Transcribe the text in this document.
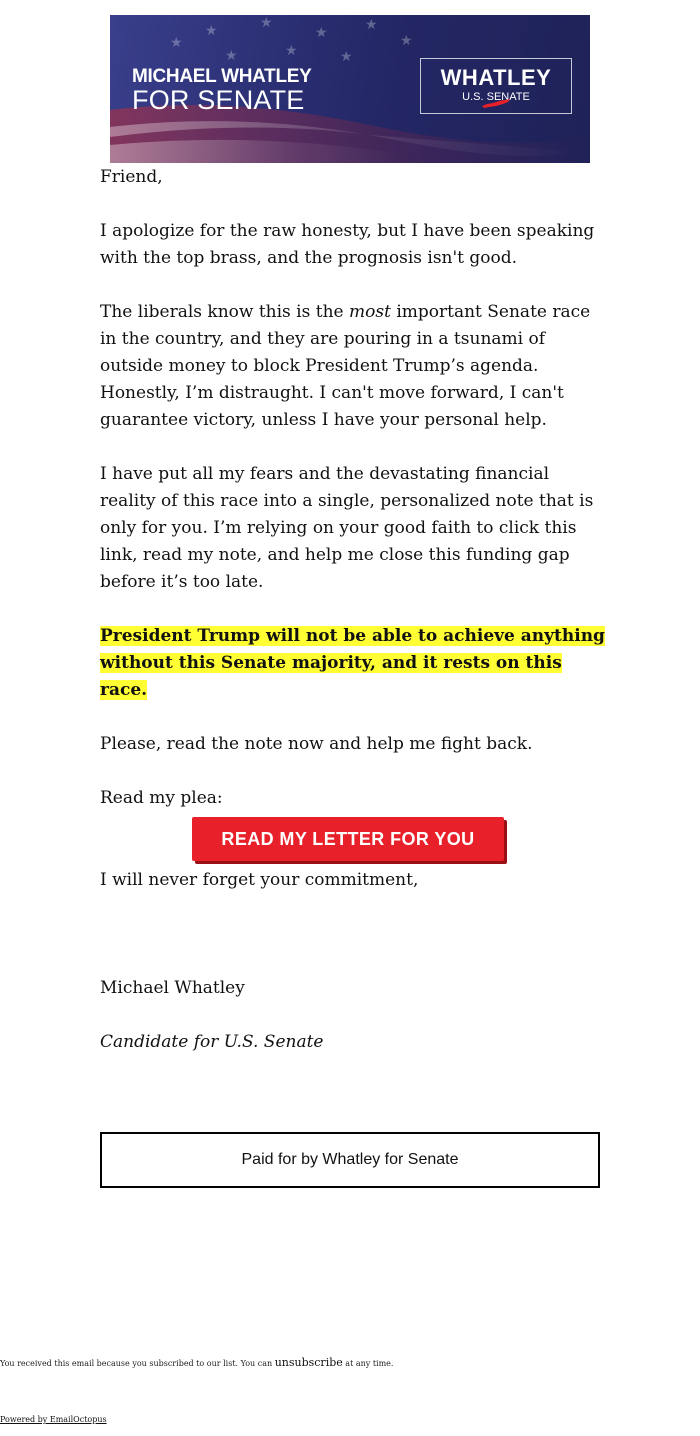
★	★
★	★
★	★	★
★	★
MICHAEL WHATLEY
FOR SENATE
WHATLEY
U.S. SENATE

Friend,

I apologize for the raw honesty, but I have been speaking with the top brass, and the prognosis isn't good.

The liberals know this is the most important Senate race in the country, and they are pouring in a tsunami of outside money to block President Trump’s agenda. Honestly, I’m distraught. I can't move forward, I can't guarantee victory, unless I have your personal help.

I have put all my fears and the devastating financial reality of this race into a single, personalized note that is only for you. I’m relying on your good faith to click this link, read my note, and help me close this funding gap before it’s too late.

President Trump will not be able to achieve anything without this Senate majority, and it rests on this race.

Please, read the note now and help me fight back.

Read my plea:

READ MY LETTER FOR YOU

I will never forget your commitment,

Michael Whatley

Candidate for U.S. Senate

Paid for by Whatley for Senate
You received this email because you subscribed to our list. You can unsubscribe at any time.
Powered by EmailOctopus
